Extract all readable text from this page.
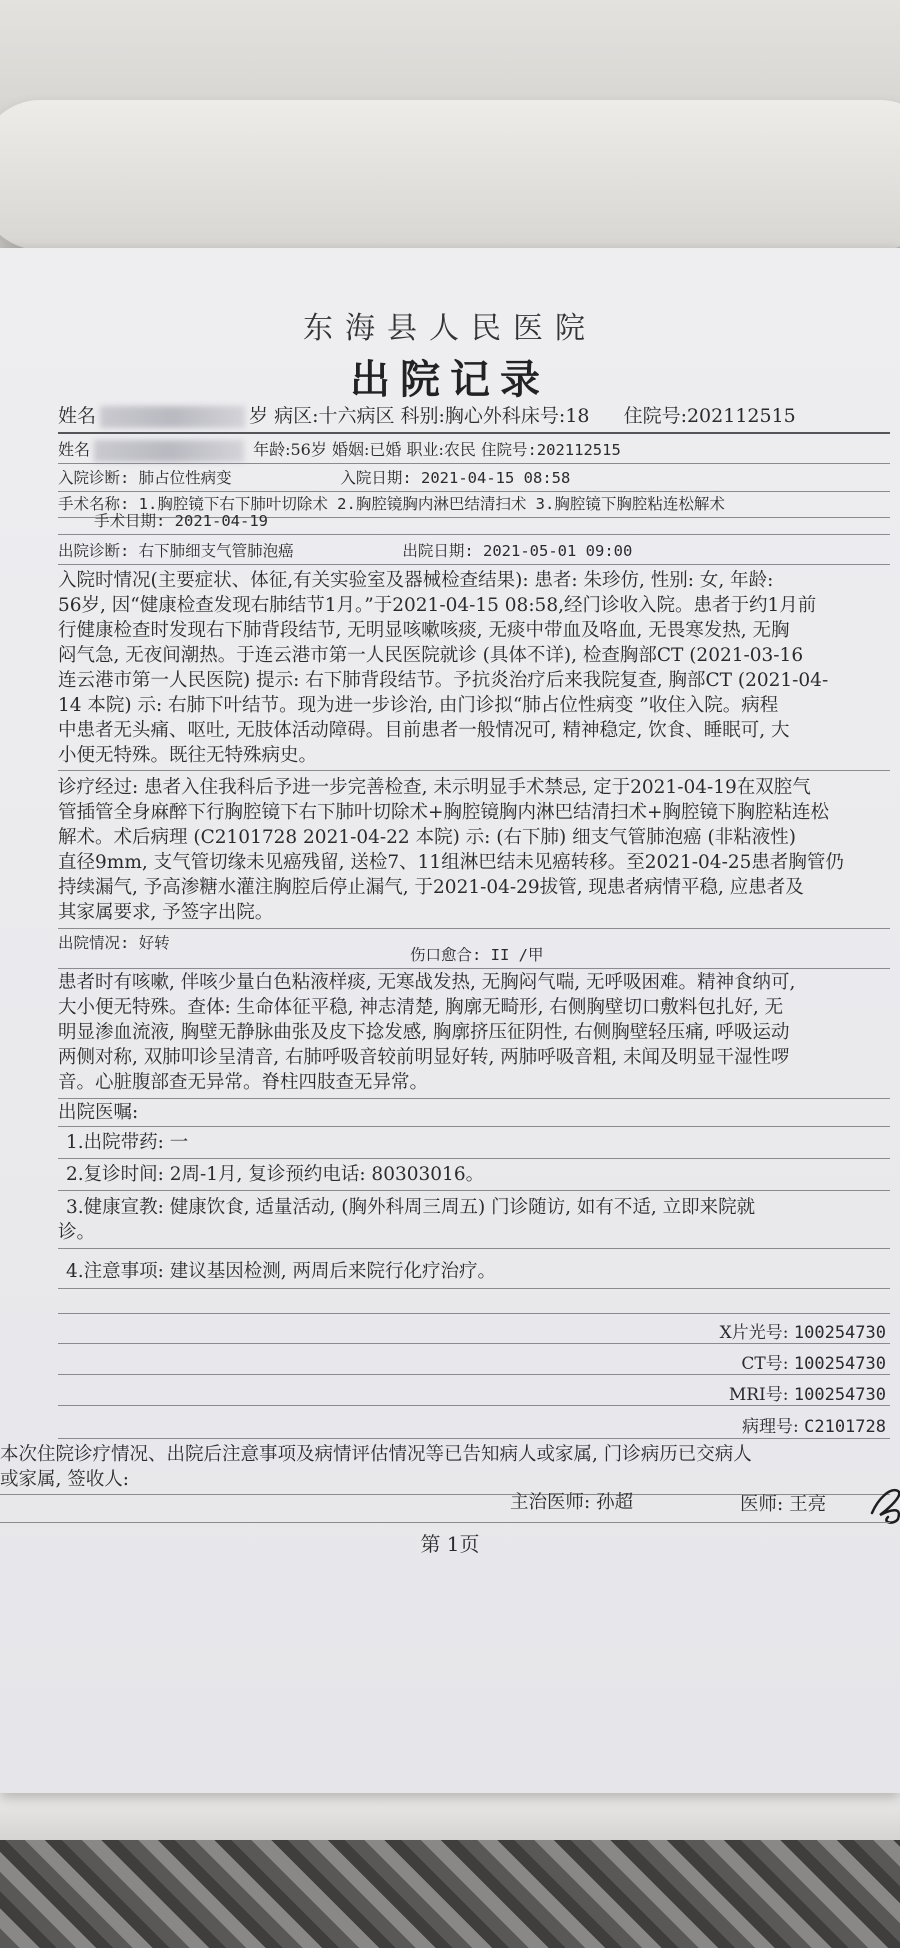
东海县人民医院
出院记录
姓名	岁 病区:十六病区 科别:胸心外科床号:18 住院号:202112515
姓名	年龄:56岁 婚姻:已婚 职业:农民 住院号:202112515
入院诊断: 肺占位性病变	入院日期: 2021-04-15 08:58
手术名称: 1.胸腔镜下右下肺叶切除术 2.胸腔镜胸内淋巴结清扫术 3.胸腔镜下胸腔粘连松解术
手术日期: 2021-04-19
出院诊断: 右下肺细支气管肺泡癌	出院日期: 2021-05-01 09:00
入院时情况(主要症状、体征,有关实验室及器械检查结果): 患者: 朱珍仿, 性别: 女, 年龄:
56岁, 因“健康检查发现右肺结节1月。”于2021-04-15 08:58,经门诊收入院。患者于约1月前
行健康检查时发现右下肺背段结节, 无明显咳嗽咳痰, 无痰中带血及咯血, 无畏寒发热, 无胸
闷气急, 无夜间潮热。于连云港市第一人民医院就诊 (具体不详), 检查胸部CT (2021-03-16
连云港市第一人民医院) 提示: 右下肺背段结节。予抗炎治疗后来我院复查, 胸部CT (2021-04-
14 本院) 示: 右肺下叶结节。现为进一步诊治, 由门诊拟“肺占位性病变 ”收住入院。病程
中患者无头痛、呕吐, 无肢体活动障碍。目前患者一般情况可, 精神稳定, 饮食、睡眠可, 大
小便无特殊。既往无特殊病史。
诊疗经过: 患者入住我科后予进一步完善检查, 未示明显手术禁忌, 定于2021-04-19在双腔气
管插管全身麻醉下行胸腔镜下右下肺叶切除术+胸腔镜胸内淋巴结清扫术+胸腔镜下胸腔粘连松
解术。术后病理 (C2101728 2021-04-22 本院) 示: (右下肺) 细支气管肺泡癌 (非粘液性)
直径9mm, 支气管切缘未见癌残留, 送检7、11组淋巴结未见癌转移。至2021-04-25患者胸管仍
持续漏气, 予高渗糖水灌注胸腔后停止漏气, 于2021-04-29拔管, 现患者病情平稳, 应患者及
其家属要求, 予签字出院。
出院情况: 好转
伤口愈合: II /甲
患者时有咳嗽, 伴咳少量白色粘液样痰, 无寒战发热, 无胸闷气喘, 无呼吸困难。精神食纳可,
大小便无特殊。查体: 生命体征平稳, 神志清楚, 胸廓无畸形, 右侧胸壁切口敷料包扎好, 无
明显渗血流液, 胸壁无静脉曲张及皮下捻发感, 胸廓挤压征阴性, 右侧胸壁轻压痛, 呼吸运动
两侧对称, 双肺叩诊呈清音, 右肺呼吸音较前明显好转, 两肺呼吸音粗, 未闻及明显干湿性啰
音。心脏腹部查无异常。脊柱四肢查无异常。
出院医嘱:
1.出院带药: 一
2.复诊时间: 2周-1月, 复诊预约电话: 80303016。
3.健康宣教: 健康饮食, 适量活动, (胸外科周三周五) 门诊随访, 如有不适, 立即来院就
诊。
4.注意事项: 建议基因检测, 两周后来院行化疗治疗。
X片光号: 100254730
CT号: 100254730
MRI号: 100254730
病理号: C2101728
本次住院诊疗情况、出院后注意事项及病情评估情况等已告知病人或家属, 门诊病历已交病人
或家属, 签收人:
主治医师: 孙超	医师: 王亮
第 1页
